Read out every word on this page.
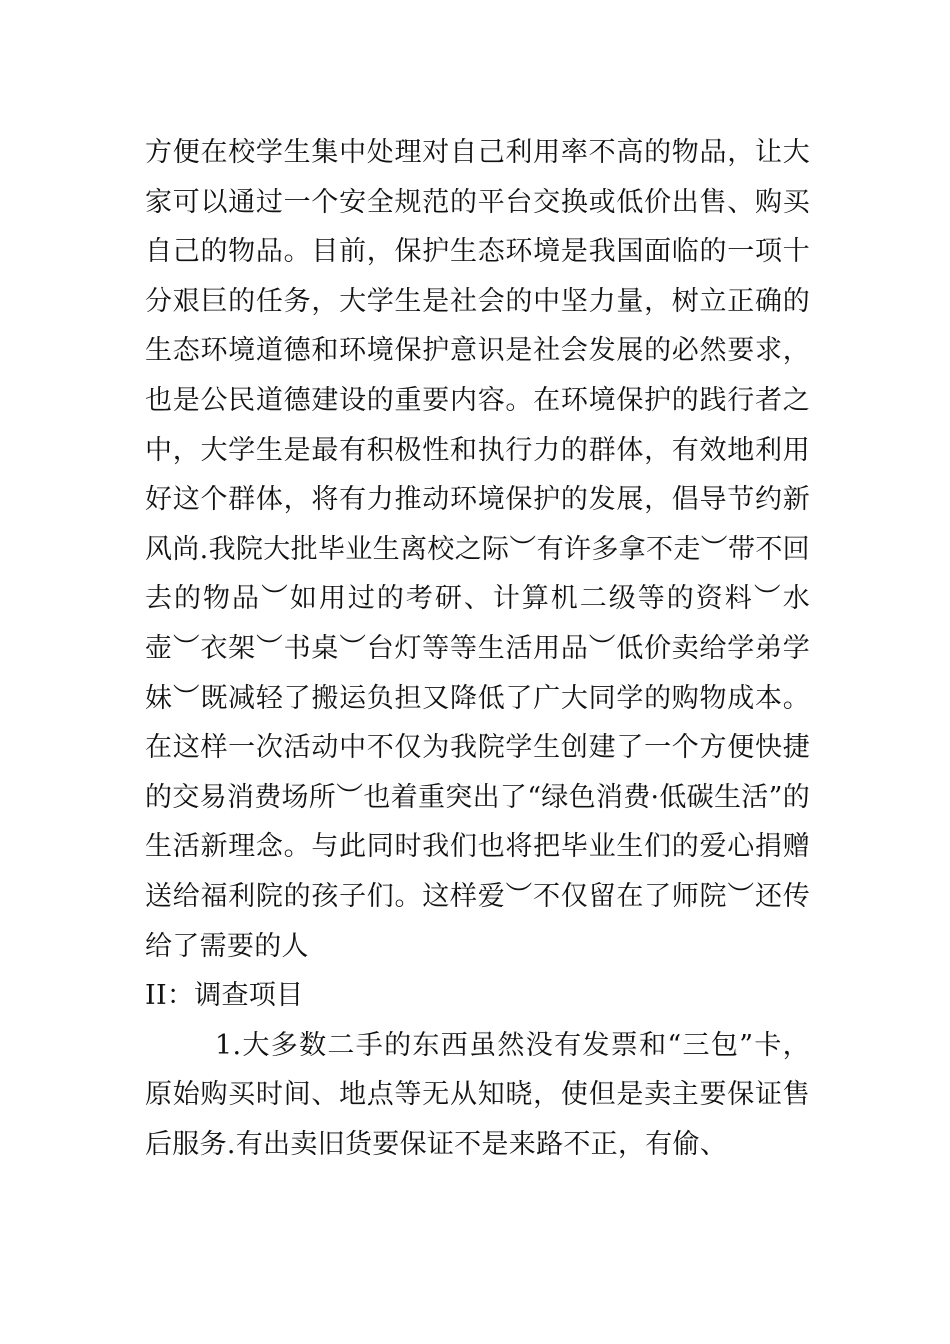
方便在校学生集中处理对自己利用率不高的物品，让大家可以通过一个安全规范的平台交换或低价出售、购买自己的物品。目前，保护生态环境是我国面临的一项十分艰巨的任务，大学生是社会的中坚力量，树立正确的生态环境道德和环境保护意识是社会发展的必然要求，也是公民道德建设的重要内容。在环境保护的践行者之中，大学生是最有积极性和执行力的群体，有效地利用好这个群体，将有力推动环境保护的发展，倡导节约新风尚.我院大批毕业生离校之际︶有许多拿不走︶带不回去的物品︶如用过的考研、计算机二级等的资料︶水壶︶衣架︶书桌︶台灯等等生活用品︶低价卖给学弟学妹︶既减轻了搬运负担又降低了广大同学的购物成本。在这样一次活动中不仅为我院学生创建了一个方便快捷的交易消费场所︶也着重突出了“绿色消费·低碳生活”的生活新理念。与此同时我们也将把毕业生们的爱心捐赠送给福利院的孩子们。这样爱︶不仅留在了师院︶还传给了需要的人

II：调查项目

1.大多数二手的东西虽然没有发票和“三包”卡，原始购买时间、地点等无从知晓，使但是卖主要保证售后服务.有出卖旧货要保证不是来路不正，有偷、
